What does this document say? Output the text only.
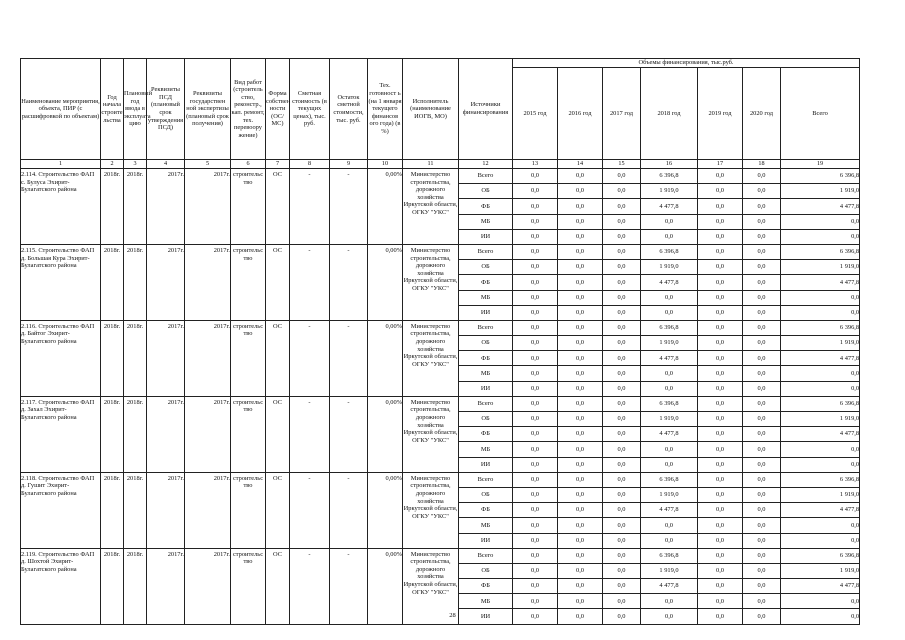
Наименование мероприятия, объекта, ПИР (с расшифровкой по объектам)	Год начала строите льства	Плановый год ввода в эксплуата цию	Реквизиты ПСД (плановый срок утверждения ПСД)	Реквизиты государствен ной экспертизы (плановый срок получения)	Вид работ (строитель ство, реконстр., кап. ремонт, тех. перевоору жение)	Форма собствен ности (ОС/МС)	Сметная стоимость (в текущих ценах), тыс. руб.	Остаток сметной стоимости, тыс. руб.	Тех. готовност ь (на 1 января текущего финансов ого года) (в %)	Исполнитель (наименование ИОГВ, МО)	Источники финансирования	Объемы финансирования, тыс.руб.						
												2015 год	2016 год	2017 год	2018 год	2019 год	2020 год	Всего
1	2	3	4	5	6	7	8	9	10	11	12	13	14	15	16	17	18	19
2.114. Строительство ФАП с. Булуса Эхирит-Булагатского района	2018г.	2018г.	2017г.	2017г.	строительс тво	ОС	-	-	0,00%	Министерство строительства, дорожного хозяйства Иркутской области, ОГКУ "УКС"	Всего	0,0	0,0	0,0	6 396,8	0,0	0,0	6 396,8
											ОБ	0,0	0,0	0,0	1 919,0	0,0	0,0	1 919,0
											ФБ	0,0	0,0	0,0	4 477,8	0,0	0,0	4 477,8
											МБ	0,0	0,0	0,0	0,0	0,0	0,0	0,0
											ИИ	0,0	0,0	0,0	0,0	0,0	0,0	0,0
2.115. Строительство ФАП д. Большая Кура Эхирит-Булагатского района	2018г.	2018г.	2017г.	2017г.	строительс тво	ОС	-	-	0,00%	Министерство строительства, дорожного хозяйства Иркутской области, ОГКУ "УКС"	Всего	0,0	0,0	0,0	6 396,8	0,0	0,0	6 396,8
											ОБ	0,0	0,0	0,0	1 919,0	0,0	0,0	1 919,0
											ФБ	0,0	0,0	0,0	4 477,8	0,0	0,0	4 477,8
											МБ	0,0	0,0	0,0	0,0	0,0	0,0	0,0
											ИИ	0,0	0,0	0,0	0,0	0,0	0,0	0,0
2.116. Строительство ФАП д. Байтог Эхирит-Булагатского района	2018г.	2018г.	2017г.	2017г.	строительс тво	ОС	-	-	0,00%	Министерство строительства, дорожного хозяйства Иркутской области, ОГКУ "УКС"	Всего	0,0	0,0	0,0	6 396,8	0,0	0,0	6 396,8
											ОБ	0,0	0,0	0,0	1 919,0	0,0	0,0	1 919,0
											ФБ	0,0	0,0	0,0	4 477,8	0,0	0,0	4 477,8
											МБ	0,0	0,0	0,0	0,0	0,0	0,0	0,0
											ИИ	0,0	0,0	0,0	0,0	0,0	0,0	0,0
2.117. Строительство ФАП д. Захал Эхирит-Булагатского района	2018г.	2018г.	2017г.	2017г.	строительс тво	ОС	-	-	0,00%	Министерство строительства, дорожного хозяйства Иркутской области, ОГКУ "УКС"	Всего	0,0	0,0	0,0	6 396,8	0,0	0,0	6 396,8
											ОБ	0,0	0,0	0,0	1 919,0	0,0	0,0	1 919,0
											ФБ	0,0	0,0	0,0	4 477,8	0,0	0,0	4 477,8
											МБ	0,0	0,0	0,0	0,0	0,0	0,0	0,0
											ИИ	0,0	0,0	0,0	0,0	0,0	0,0	0,0
2.118. Строительство ФАП д. Гушит Эхирит-Булагатского района	2018г.	2018г.	2017г.	2017г.	строительс тво	ОС	-	-	0,00%	Министерство строительства, дорожного хозяйства Иркутской области, ОГКУ "УКС"	Всего	0,0	0,0	0,0	6 396,8	0,0	0,0	6 396,8
											ОБ	0,0	0,0	0,0	1 919,0	0,0	0,0	1 919,0
											ФБ	0,0	0,0	0,0	4 477,8	0,0	0,0	4 477,8
											МБ	0,0	0,0	0,0	0,0	0,0	0,0	0,0
											ИИ	0,0	0,0	0,0	0,0	0,0	0,0	0,0
2.119. Строительство ФАП д. Шохтой Эхирит-Булагатского района	2018г.	2018г.	2017г.	2017г.	строительс тво	ОС	-	-	0,00%	Министерство строительства, дорожного хозяйства Иркутской области, ОГКУ "УКС"	Всего	0,0	0,0	0,0	6 396,8	0,0	0,0	6 396,8
											ОБ	0,0	0,0	0,0	1 919,0	0,0	0,0	1 919,0
											ФБ	0,0	0,0	0,0	4 477,8	0,0	0,0	4 477,8
											МБ	0,0	0,0	0,0	0,0	0,0	0,0	0,0
											ИИ	0,0	0,0	0,0	0,0	0,0	0,0	0,0
28
